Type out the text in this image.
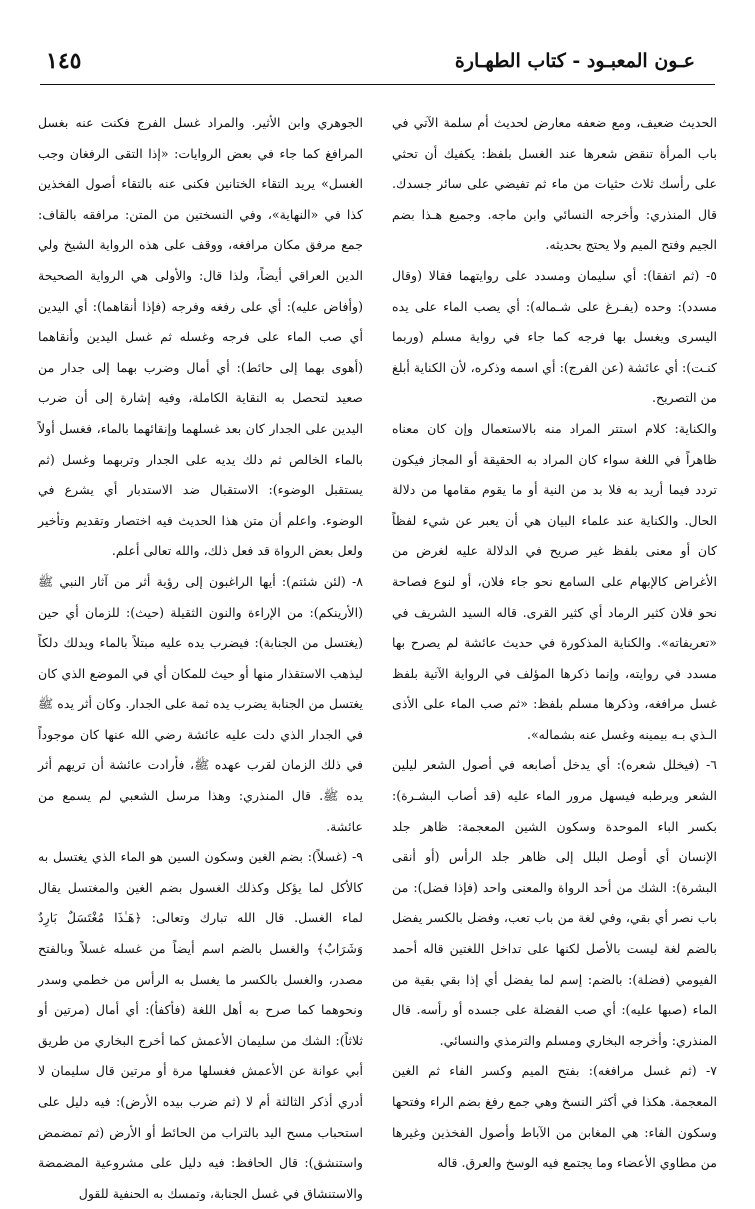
عـون المعبـود - كتاب الطهـارة
١٤٥

الحديث ضعيف، ومع ضعفه معارض لحديث أم سلمة الآتي في باب المرأة تنقض شعرها عند الغسل بلفظ: يكفيك أن تحثي على رأسك ثلاث حثيات من ماء ثم تفيضي على سائر جسدك. قال المنذري: وأخرجه النسائي وابن ماجه. وجميع هـذا بضم الجيم وفتح الميم ولا يحتج بحديثه.

٥- (ثم اتفقا): أي سليمان ومسدد على روايتهما فقالا (وقال مسدد): وحده (يفـرغ على شـماله): أي يصب الماء على يده اليسرى ويغسل بها فرجه كما جاء في رواية مسلم (وربما كنـت): أي عائشة (عن الفرج): أي اسمه وذكره، لأن الكناية أبلغ من التصريح.

والكناية: كلام استتر المراد منه بالاستعمال وإن كان معناه ظاهراً في اللغة سواء كان المراد به الحقيقة أو المجاز فيكون تردد فيما أريد به فلا بد من النية أو ما يقوم مقامها من دلالة الحال. والكناية عند علماء البيان هي أن يعبر عن شيء لفظاً كان أو معنى بلفظ غير صريح في الدلالة عليه لغرض من الأغراض كالإبهام على السامع نحو جاء فلان، أو لنوع فصاحة نحو فلان كثير الرماد أي كثير القرى. قاله السيد الشريف في «تعريفاته». والكناية المذكورة في حديث عائشة لم يصرح بها مسدد في روايته، وإنما ذكرها المؤلف في الرواية الآتية بلفظ غسل مرافغه، وذكرها مسلم بلفظ: «ثم صب الماء على الأذى الـذي بـه بيمينه وغسل عنه بشماله».

٦- (فيخلل شعره): أي يدخل أصابعه في أصول الشعر ليلين الشعر ويرطبه فيسهل مرور الماء عليه (قد أصاب البشـرة): بكسر الباء الموحدة وسكون الشين المعجمة: ظاهر جلد الإنسان أي أوصل البلل إلى ظاهر جلد الرأس (أو أنقى البشرة): الشك من أحد الرواة والمعنى واحد (فإذا فضل): من باب نصر أي بقي، وفي لغة من باب تعب، وفضل بالكسر يفضل بالضم لغة ليست بالأصل لكنها على تداخل اللغتين قاله أحمد الفيومي (فضلة): بالضم: إسم لما يفضل أي إذا بقي بقية من الماء (صبها عليه): أي صب الفضلة على جسده أو رأسه. قال المنذري: وأخرجه البخاري ومسلم والترمذي والنسائي.

٧- (ثم غسل مرافغه): بفتح الميم وكسر الفاء ثم الغين المعجمة. هكذا في أكثر النسخ وهي جمع رفغ بضم الراء وفتحها وسكون الفاء: هي المغابن من الآباط وأصول الفخذين وغيرها من مطاوي الأعضاء وما يجتمع فيه الوسخ والعرق. قاله

الجوهري وابن الأثير. والمراد غسل الفرج فكنت عنه بغسل المرافغ كما جاء في بعض الروايات: «إذا التقى الرفغان وجب الغسل» يريد التقاء الختانين فكنى عنه بالتقاء أصول الفخذين كذا في «النهاية»، وفي النسختين من المتن: مرافقه بالقاف: جمع مرفق مكان مرافغه، ووقف على هذه الرواية الشيخ ولي الدين العراقي أيضاً، ولذا قال: والأولى هي الرواية الصحيحة (وأفاض عليه): أي على رفغه وفرجه (فإذا أنقاهما): أي اليدين أي صب الماء على فرجه وغسله ثم غسل اليدين وأنقاهما (أهوى بهما إلى حائط): أي أمال وضرب بهما إلى جدار من صعيد لتحصل به النقاية الكاملة، وفيه إشارة إلى أن ضرب اليدين على الجدار كان بعد غسلهما وإنقائهما بالماء، فغسل أولاً بالماء الخالص ثم دلك يديه على الجدار وتربهما وغسل (ثم يستقبل الوضوء): الاستقبال ضد الاستدبار أي يشرع في الوضوء. واعلم أن متن هذا الحديث فيه اختصار وتقديم وتأخير ولعل بعض الرواة قد فعل ذلك، والله تعالى أعلم.

٨- (لئن شئتم): أيها الراغبون إلى رؤية أثر من آثار النبي ﷺ (الأرينكم): من الإراءة والنون الثقيلة (حيث): للزمان أي حين (يغتسل من الجنابة): فيضرب يده عليه مبتلاً بالماء ويدلك دلكاً ليذهب الاستقذار منها أو حيث للمكان أي في الموضع الذي كان يغتسل من الجنابة يضرب يده ثمة على الجدار. وكان أثر يده ﷺ في الجدار الذي دلت عليه عائشة رضي الله عنها كان موجوداً في ذلك الزمان لقرب عهده ﷺ، فأرادت عائشة أن تريهم أثر يده ﷺ. قال المنذري: وهذا مرسل الشعبي لم يسمع من عائشة.

٩- (غسلاً): بضم الغين وسكون السين هو الماء الذي يغتسل به كالأكل لما يؤكل وكذلك الغسول بضم الغين والمغتسل يقال لماء الغسل. قال الله تبارك وتعالى: ﴿هَـٰذَا مُغْتَسَلٌ بَارِدٌ وَشَرَابٌ﴾ والغسل بالضم اسم أيضاً من غسله غسلاً وبالفتح مصدر، والغسل بالكسر ما يغسل به الرأس من خطمي وسدر ونحوهما كما صرح به أهل اللغة (فأكفأ): أي أمال (مرتين أو ثلاثاً): الشك من سليمان الأعمش كما أخرج البخاري من طريق أبي عوانة عن الأعمش فغسلها مرة أو مرتين قال سليمان لا أدري أذكر الثالثة أم لا (ثم ضرب بيده الأرض): فيه دليل على استحباب مسح اليد بالتراب من الحائط أو الأرض (ثم تمضمض واستنشق): قال الحافظ: فيه دليل على مشروعية المضمضة والاستنشاق في غسل الجنابة، وتمسك به الحنفية للقول
